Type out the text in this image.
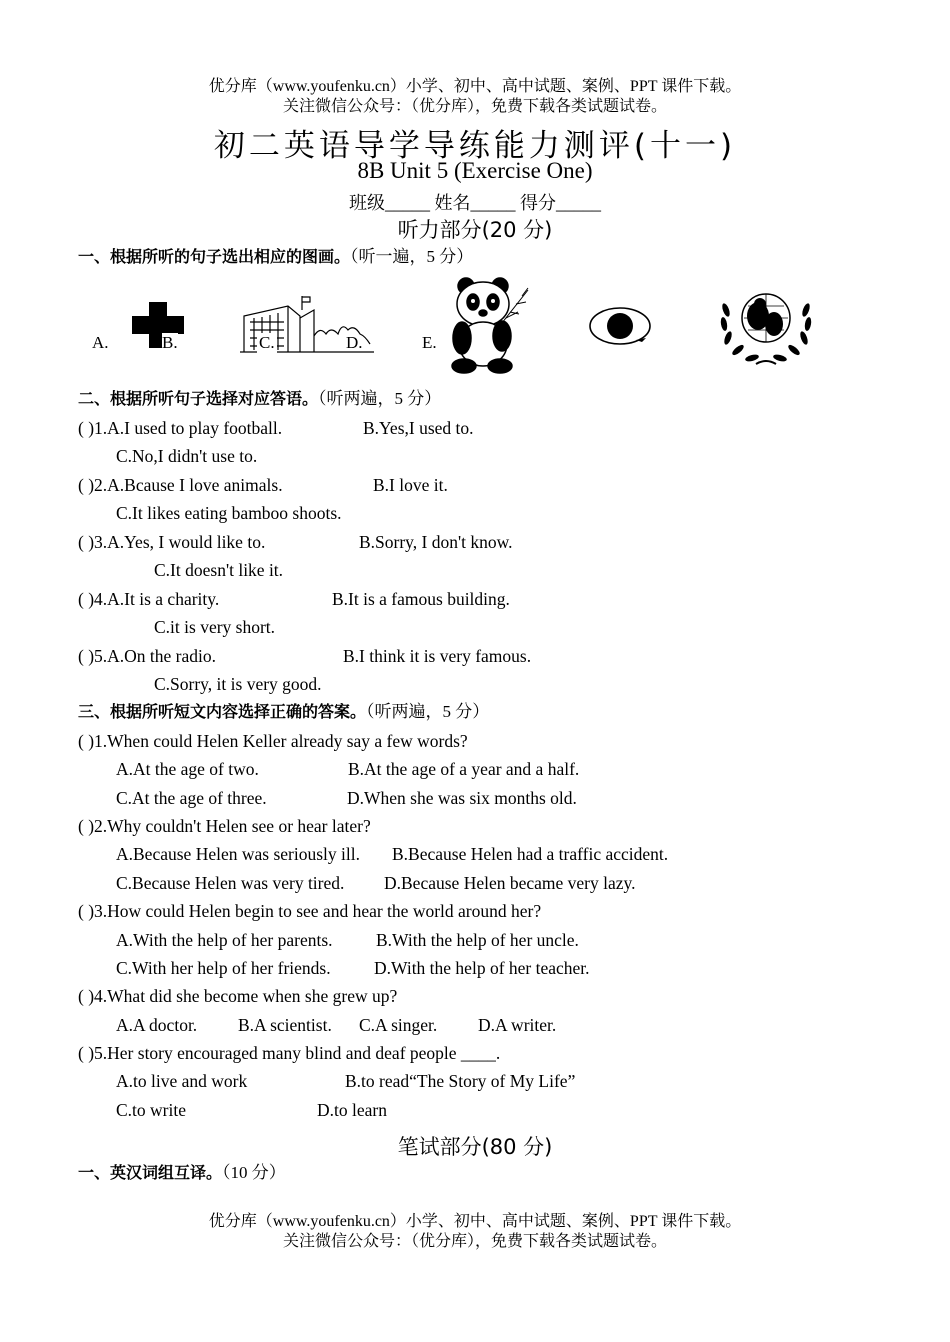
优分库（www.youfenku.cn）小学、初中、高中试题、案例、PPT 课件下载。
关注微信公众号：（优分库），免费下载各类试题试卷。
初二英语导学导练能力测评(十一)
8B Unit 5 (Exercise One)
班级_____ 姓名_____ 得分_____
听力部分(20 分)
一、根据所听的句子选出相应的图画。（听一遍，5 分）
A.	B.	C.	D.	E.
二、根据所听句子选择对应答语。（听两遍，5 分）
( )1.A.I used to play football.	B.Yes,I used to.
C.No,I didn't use to.
( )2.A.Bcause I love animals.	B.I love it.
C.It likes eating bamboo shoots.
( )3.A.Yes, I would like to.	B.Sorry, I don't know.
C.It doesn't like it.
( )4.A.It is a charity.	B.It is a famous building.
C.it is very short.
( )5.A.On the radio.	B.I think it is very famous.
C.Sorry, it is very good.
三、根据所听短文内容选择正确的答案。（听两遍，5 分）
( )1.When could Helen Keller already say a few words?
A.At the age of two.	B.At the age of a year and a half.
C.At the age of three.	D.When she was six months old.
( )2.Why couldn't Helen see or hear later?
A.Because Helen was seriously ill. B.Because Helen had a traffic accident.
C.Because Helen was very tired. D.Because Helen became very lazy.
( )3.How could Helen begin to see and hear the world around her?
A.With the help of her parents. B.With the help of her uncle.
C.With her help of her friends. D.With the help of her teacher.
( )4.What did she become when she grew up?
A.A doctor. B.A scientist. C.A singer. D.A writer.
( )5.Her story encouraged many blind and deaf people ____.
A.to live and work	B.to read“The Story of My Life”
C.to write	D.to learn
笔试部分(80 分)
一、英汉词组互译。（10 分）
优分库（www.youfenku.cn）小学、初中、高中试题、案例、PPT 课件下载。
关注微信公众号：（优分库），免费下载各类试题试卷。
